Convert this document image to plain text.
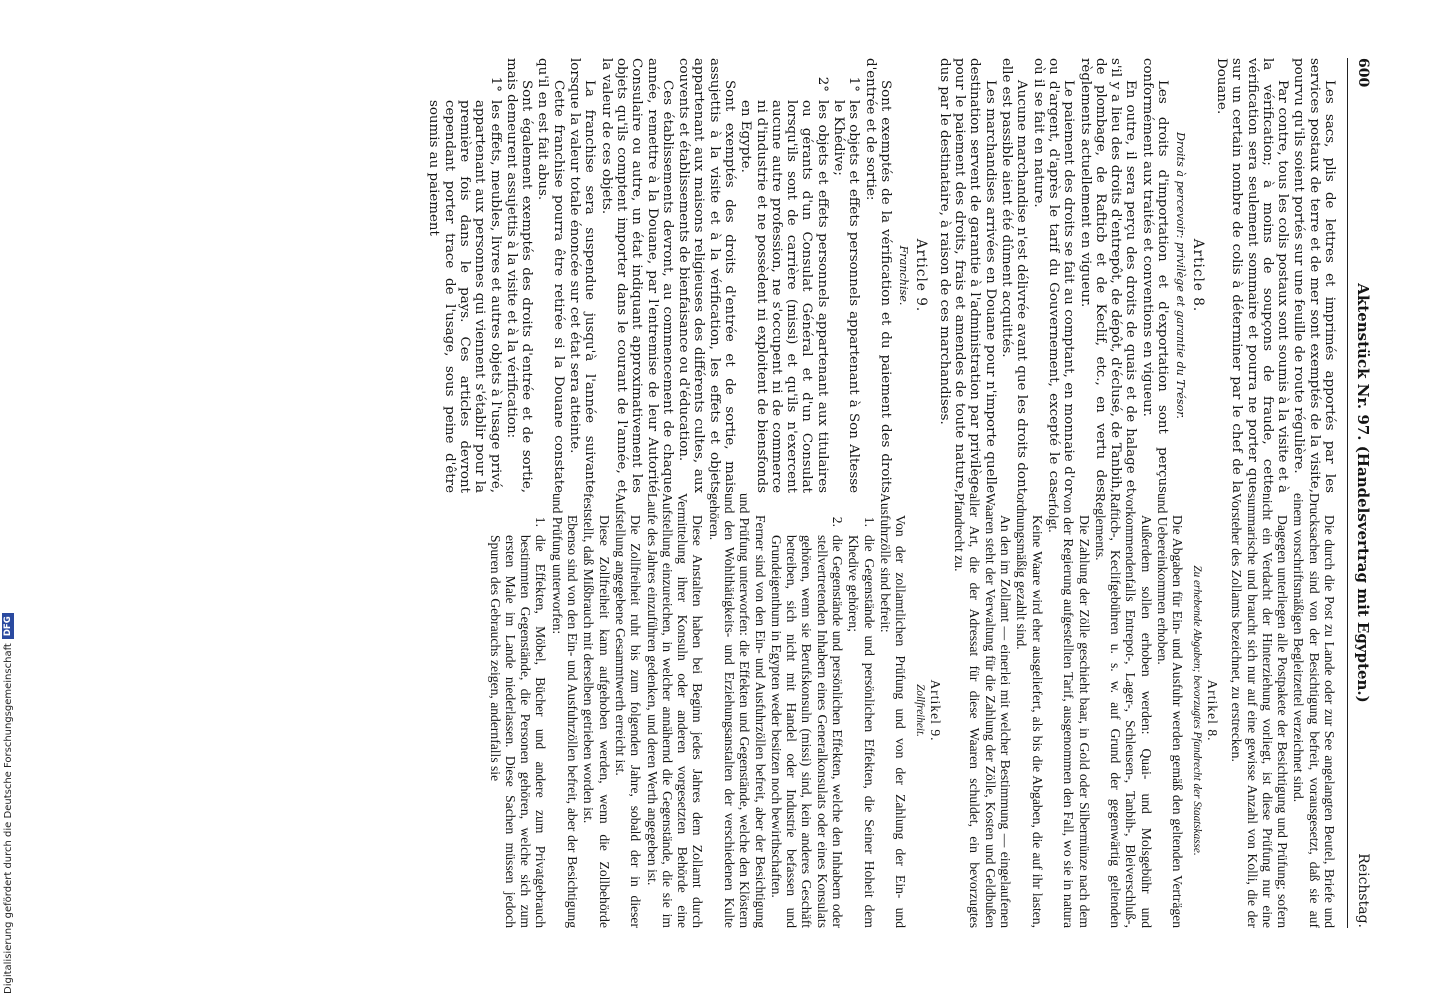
600
Aktenstück Nr. 97. (Handelsvertrag mit Egypten.)
Reichstag.

Les sacs, plis de lettres et imprimés apportés par les services postaux de terre et de mer sont exemptés de la visite, pourvu qu'ils soient portés sur une feuille de route régulière.

Par contre, tous les colis postaux sont soumis à la visite et à la vérification; à moins de soupçons de fraude, cette vérification sera seulement sommaire et pourra ne porter que sur un certain nombre de colis à déterminer par le chef de la Douane.

Article 8.
Droits à percevoir: privilège et garantie du Trésor.

Les droits d'importation et d'exportation sont perçus conformément aux traités et conventions en vigueur.

En outre, il sera perçu des droits de quais et de halage et s'il y a lieu des droits d'entrepôt, de dépôt, d'éclusé, de Tanbih, de plombage, de Rafticb et de Keclif, etc., en vertu des règlements actuellement en vigueur.

Le paiement des droits se fait au comptant, en monnaie d'or ou d'argent, d'après le tarif du Gouvernement, excepté le cas où il se fait en nature.

Aucune marchandise n'est délivrée avant que les droits dont elle est passible aient été dûment acquittés.

Les marchandises arrivées en Douane pour n'importe quelle destination servent de garantie à l'administration par privilège pour le paiement des droits, frais et amendes de toute nature, dus par le destinataire, à raison de ces marchandises.

Article 9.
Franchise.

Sont exemptés de la vérification et du paiement des droits d'entrée et de sortie:

1°
les objets et effets personnels appartenant à Son Altesse le Khédive;
2°
les objets et effets personnels appartenant aux titulaires ou gérants d'un Consulat Général et d'un Consulat lorsqu'ils sont de carrière (missi) et qu'ils n'exercent aucune autre profession, ne s'occupent ni de commerce ni d'industrie et ne possèdent ni exploitent de biensfonds en Egypte.

Sont exemptés des droits d'entrée et de sortie, mais assujettis à la visite et à la vérification, les effets et objets appartenant aux maisons religieuses des différents cultes, aux couvents et établissements de bienfaisance ou d'éducation.

Ces établissements devront, au commencement de chaque année, remettre à la Douane, par l'entremise de leur Autorité Consulaire ou autre, un état indiquant approximativement les objets qu'ils comptent importer dans le courant de l'année, et la valeur de ces objets.

La franchise sera suspendue jusqu'à l'année suivante lorsque la valeur totale énoncée sur cet état sera atteinte.

Cette franchise pourra être retirée si la Douane constate qu'il en est fait abus.

Sont également exemptés des droits d'entrée et de sortie, mais demeurent assujettis à la visite et à la vérification:

1°
les effets, meubles, livres et autres objets à l'usage privé, appartenant aux personnes qui viennent s'établir pour la première fois dans le pays. Ces articles devront cependant porter trace de l'usage, sous peine d'être soumis au paiement

Die durch die Post zu Lande oder zur See angelangten Beutel, Briefe und Drucksachen sind von der Besichtigung befreit, vorausgesetzt, daß sie auf einem vorschriftsmäßigen Begleitzettel verzeichnet sind.

Dagegen unterliegen alle Postpakete der Besichtigung und Prüfung; sofern nicht ein Verdacht der Hinterziehung vorliegt, ist diese Prüfung nur eine summarische und braucht sich nur auf eine gewisse Anzahl von Kolli, die der Vorsteher des Zollamts bezeichnet, zu erstrecken.

Artikel 8.
Zu erhebende Abgaben; bevorzugtes Pfandrecht der Staatskasse.

Die Abgaben für Ein- und Ausfuhr werden gemäß den geltenden Verträgen und Uebereinkommen erhoben.

Außerdem sollen erhoben werden: Quai- und Molsgebühr und vorkommendenfalls Entrepot-, Lager-, Schleusen-, Tanbih-, Bleiverschluß-, Rafticb-, Keclifgebühren u. s. w. auf Grund der gegenwärtig geltenden Reglements.

Die Zahlung der Zölle geschieht baar, in Gold oder Silbermünze nach dem von der Regierung aufgestellten Tarif, ausgenommen den Fall, wo sie in natura erfolgt.

Keine Waare wird eher ausgeliefert, als bis die Abgaben, die auf ihr lasten, ordnungsmäßig gezahlt sind.

An den im Zollamt — einerlei mit welcher Bestimmung — eingelaufenen Waaren steht der Verwaltung für die Zahlung der Zölle, Kosten und Geldbußen aller Art, die der Adressat für diese Waaren schuldet, ein bevorzugtes Pfandrecht zu.

Artikel 9.
Zollfreiheit.

Von der zollamtlichen Prüfung und von der Zahlung der Ein- und Ausfuhrzölle sind befreit:

1.
die Gegenstände und persönlichen Effekten, die Seiner Hoheit dem Khedive gehören;
2.
die Gegenstände und persönlichen Effekten, welche den Inhabern oder stellvertretenden Inhabern eines Generalkonsulats oder eines Konsulats gehören, wenn sie Berufskonsuln (missi) sind, kein anderes Geschäft betreiben, sich nicht mit Handel oder Industrie befassen und Grundeigenthum in Egypten weder besitzen noch bewirthschaften.

Ferner sind von den Ein- und Ausfuhrzöllen befreit, aber der Besichtigung und Prüfung unterworfen: die Effekten und Gegenstände, welche den Klöstern und den Wohlthätigkeits- und Erziehungsanstalten der verschiedenen Kulte gehören.

Diese Anstalten haben bei Beginn jedes Jahres dem Zollamt durch Vermittelung ihrer Konsuln oder anderen vorgesetzten Behörde eine Aufstellung einzureichen, in welcher annähernd die Gegenstände, die sie im Laufe des Jahres einzuführen gedenken, und deren Werth angegeben ist.

Die Zollfreiheit ruht bis zum folgenden Jahre, sobald der in dieser Aufstellung angegebene Gesammtwerth erreicht ist.

Diese Zollfreiheit kann aufgehoben werden, wenn die Zollbehörde feststellt, daß Mißbrauch mit derselben getrieben worden ist.

Ebenso sind von den Ein- und Ausfuhrzöllen befreit, aber der Besichtigung und Prüfung unterworfen:

1.
die Effekten, Möbel, Bücher und andere zum Privatgebrauch bestimmten Gegenstände, die Personen gehören, welche sich zum ersten Male im Lande niederlassen. Diese Sachen müssen jedoch Spuren des Gebrauchs zeigen, andernfalls sie
Digitalisierung gefördert durch die Deutsche ForschungsgemeinschaftDFG
